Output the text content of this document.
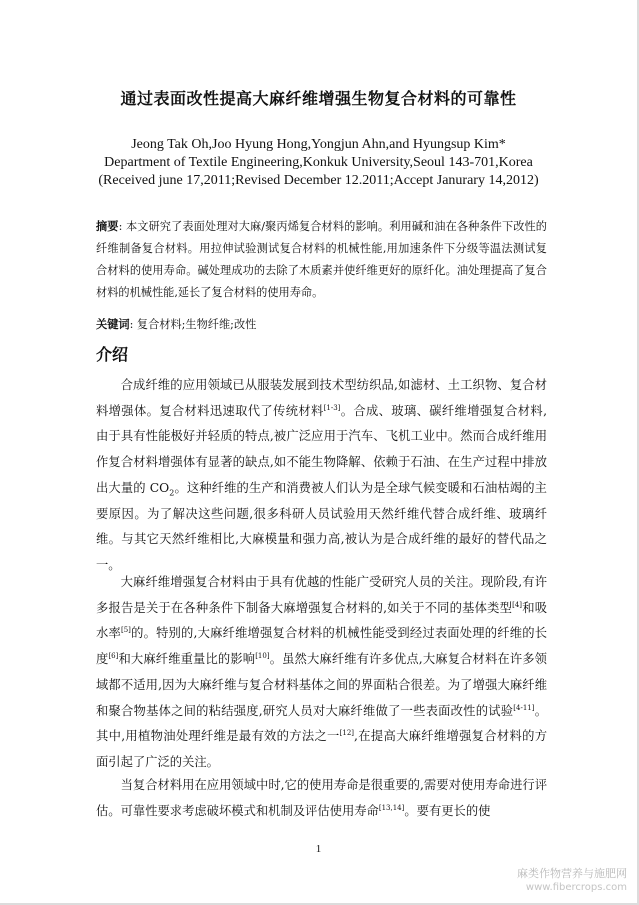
通过表面改性提高大麻纤维增强生物复合材料的可靠性
Jeong Tak Oh,Joo Hyung Hong,Yongjun Ahn,and Hyungsup Kim*
Department of Textile Engineering,Konkuk University,Seoul 143-701,Korea
(Received june 17,2011;Revised December 12.2011;Accept Janurary 14,2012)
摘要: 本文研究了表面处理对大麻/聚丙烯复合材料的影响。利用碱和油在各种条件下改性的纤维制备复合材料。用拉伸试验测试复合材料的机械性能,用加速条件下分级等温法测试复合材料的使用寿命。碱处理成功的去除了木质素并使纤维更好的原纤化。油处理提高了复合材料的机械性能,延长了复合材料的使用寿命。
关键词: 复合材料;生物纤维;改性
介绍

合成纤维的应用领域已从服装发展到技术型纺织品,如滤材、土工织物、复合材料增强体。复合材料迅速取代了传统材料[1-3]。合成、玻璃、碳纤维增强复合材料,由于具有性能极好并轻质的特点,被广泛应用于汽车、飞机工业中。然而合成纤维用作复合材料增强体有显著的缺点,如不能生物降解、依赖于石油、在生产过程中排放出大量的 $CO_2$。这种纤维的生产和消费被人们认为是全球气候变暖和石油枯竭的主要原因。为了解决这些问题,很多科研人员试验用天然纤维代替合成纤维、玻璃纤维。与其它天然纤维相比,大麻模量和强力高,被认为是合成纤维的最好的替代品之一。

大麻纤维增强复合材料由于具有优越的性能广受研究人员的关注。现阶段,有许多报告是关于在各种条件下制备大麻增强复合材料的,如关于不同的基体类型[4]和吸水率[5]的。特别的,大麻纤维增强复合材料的机械性能受到经过表面处理的纤维的长度[6]和大麻纤维重量比的影响[10]。虽然大麻纤维有许多优点,大麻复合材料在许多领域都不适用,因为大麻纤维与复合材料基体之间的界面粘合很差。为了增强大麻纤维和聚合物基体之间的粘结强度,研究人员对大麻纤维做了一些表面改性的试验[4-11]。其中,用植物油处理纤维是最有效的方法之一[12],在提高大麻纤维增强复合材料的方面引起了广泛的关注。

当复合材料用在应用领域中时,它的使用寿命是很重要的,需要对使用寿命进行评估。可靠性要求考虑破坏模式和机制及评估使用寿命[13,14]。要有更长的使

1
麻类作物营养与施肥网
www.fibercrops.com
